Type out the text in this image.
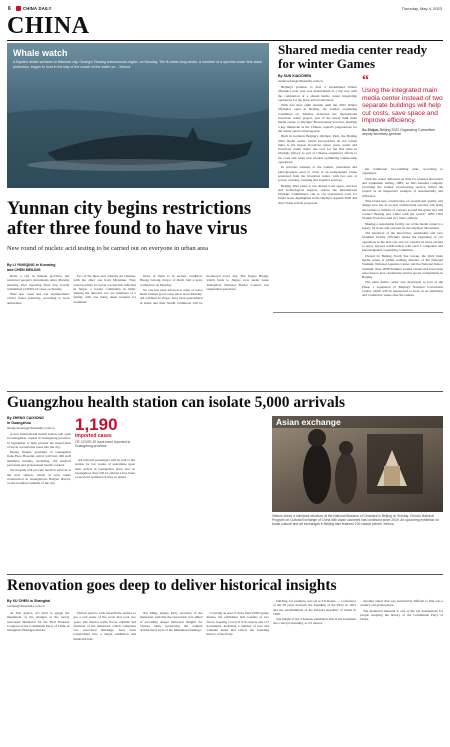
6	CHINA DAILY	Thursday, May 4, 2023
CHINA
Whale watch
A Bryde's whale surfaces in Mischan city, Guangxi Zhuang autonomous region, on Monday. The 8-meter-long whale, a member of a species under first-class protection, began to hunt in the bay of the mouth of the water on... Xinhua
Shared media center ready for winter Games
By SUN XIAOCHEN
sunxiaochen@chinadaily.com.cn

Beijing's promise to host a streamlined Winter Olympics next year was materialized in a big way with the completion of a shared media center integrating operations for the press and broadcasters.

With less than eight months until the 2022 Winter Olympics open in Beijing, the Games' organizing committee on Tuesday delivered the international broadcast center project, part of the newly built main media center, to Olympic Broadcasting Services, marking a key milestone as the Chinese capital's preparations for the winter sports extravaganza.

Built in northern Beijing's Olympic Park, the Beijing 2022 media center, which incorporates all hot transit hubs, is the largest broadcast center, press center and broadcast center under one roof for the first time in Olympic history as part of Chinese organizers' efforts to cut costs and adopt new models optimizing Games-time operations.

In previous editions of the Games, journalists and photographers used to work at an independent venue separated from the broadcast center, with two sets of power, catering, cleaning and logistics services.

Beijing 2022 plans to use shared work space, services and technological support, reduce the International Olympic Committee's call to cut operational costs for future hosts, highlighted in the Olympic Agenda 2020 and New Norm reform proposals.

“
Using the integrated main media center instead of two separate buildings will help cut costs, save space and improve efficiency.
Xu Zhijun, Beijing 2022 Organizing Committee deputy secretary-general

the traditional two-building plan, according to organizers.

With the center delivered on time for internal decoration and equipment testing, OBS, an IOC-founded company providing the Games' broadcasting service, hailed the project as an impressive example of sustainability and efficiency.

This brand-new construction of exceptional quality and design now sits as an epic architectural one that will bring the Games to billions of viewers around the globe and will connect Beijing and China with the world," OBS CEO Yiannis Exarchos said in a video address.

Making a sustainable facility out of the media center is a legacy for hosts and a model for the Olympic Movement.

The handover of the innovative, sustainable and very beautiful facility officially marks the beginning of our operations in the host city and we couldn't be more excited to enjoy beyond collaboration with such a competent and knowledgeable organizing committee.

Owned by Beijing North Star Group, the 2022 main media center is within walking distance of the National Stadium, National Aquatics Center and the National Indoor Stadium, three 2008 Summer Games venues that have been renovated to host ceremonies and ice sports competitions in Beijing.

The main media center was developed as part of the Phase 1 expansion of Beijing's National Convention Center, which will be repurposed to serve as an exhibition and conference venue after the Games.

Yunnan city begins restrictions after three found to have virus
New round of nucleic acid testing to be carried out on everyone in urban area
By LI YINGQING in Kunming
and CHEN MEILING

Ruili, a city in Yunnan province, has restricted people's movements since Monday morning after reporting three new locally transmitted COVID-19 cases on Sunday.

Nine new cases and one asymptomatic carrier found yesterday, according to local authorities.

Two of the three new patients are Chinese, with the other one from Myanmar. They tested positive for novel coronavirus infection in Jiegao, a border community in Ruili. Among the infected, two are members of a family, with one being taken hospital for treatment.

None of them is in serious condition. Huang Lidong, mayor of Ruili, told a news conference on Monday.

No one has been allowed to enter or leave Ruili without good cause since noon Monday. All residents in Jiegao have been quarantined at home and their health conditions will be monitored every day. The Jiegao Bridge, which leads to Jiegao, now under Guan Xiangzhou National Border Control, has suspended operations.

Guangzhou health station can isolate 5,000 arrivals
By ZHENG CAIXIONG
in Guangzhou
zhengcaixiong@chinadaily.com.cn

A new international health station will open in Guangzhou, capital of Guangdong province, in September to help prevent the importation of novel coronavirus cases into the city.

Huang Xiekui, president of Guangzhou Jiahe Ezeo Hospital, said it will have 400 staff members initially, including 150 medical personnel and professional health workers.

We hospital will provide medical services at the new station, which is now under construction in Guangzhou's Baiyun district, on the northern outskirts of the city.

1,190
imported cases
OF COVID-19 have been reported in Guangdong province.

All inbound passengers will be sent to the station for two weeks of quarantine upon their arrival in Guangzhou since now in Guangzhou, they will be offered a free hotel or serviced residence if they so desire.

Asian exchange
Visitors check a miniature structure at the National Museum of Ceramics in Beijing on Sunday. China's National Program on Cultural Exchange of China with Asian countries has continued since 2019. An upcoming exhibition on Asian cultural and art exchanges in Beijing also features 100 classic pieces. Xinhua
Renovation goes deep to deliver historical insights
By XU CHEN in Shanghai
xuchen@chinadaily.com.cn

At first glance, it's hard to gauge the magnitude of the changes at the newly renovated Memorial for the First National Congress of the Communist Party of China in Shanghai's Huangpu district.

Visitors need to look beneath the surface to get a real sense of the work that took two years. The interior walls, floors, exhibits and furniture of the memorial, which comprises two renovated buildings, have been transformed into a single exhibition and memorial hall.

Xia Ming, deputy Party secretary of the memorial, said that the renovation was aimed at providing deeper historical insights for visitors while preserving the original architectural style of the Shikumen buildings.

Covering an area of more than 9,000 square meters, the exhibition hall consists of two floors, housing a total of 612 objects and 117 documents, including a number of rare and valuable items that reflect the founding history of the Party.

building, for example, was set at 3.8 meters — a reference to the 28 years between the founding of the Party in 1921 and the establishment of the People's Republic of China in 1949.

The height of the 5.8-meter exhibition hall in the basement also conveys meaning, at 4.5 meters.

Another object that was particularly difficult to find was a century-old gramophone.

The memorial museum is one of the top destinations for people studying the history of the Communist Party of China.
